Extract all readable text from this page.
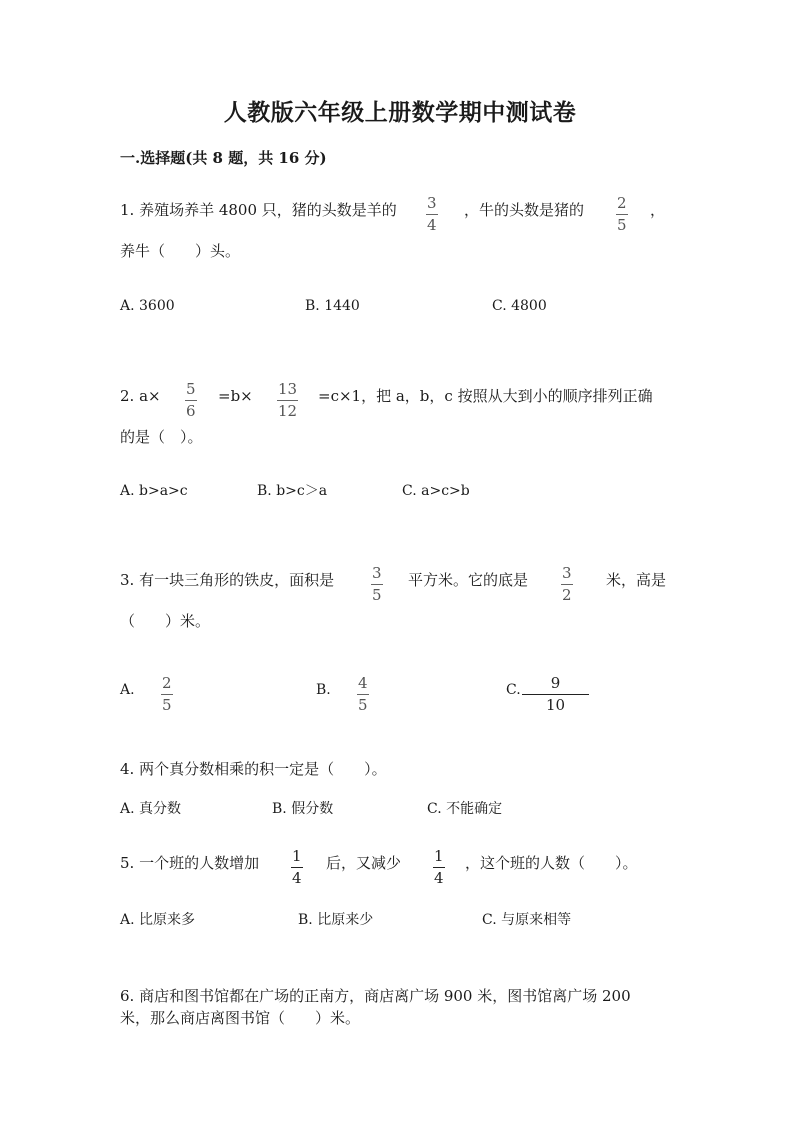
人教版六年级上册数学期中测试卷
一.选择题(共 8 题，共 16 分)
1. 养殖场养羊 4800 只，猪的头数是羊的 3
4
，牛的头数是猪的 2
5
，
养牛（　　）头。
A. 3600	B. 1440	C. 4800
2. a× 5
6
=b× 13
12
=c×1，把 a，b，c 按照从大到小的顺序排列正确
的是（　）。
A. b>a>c	B. b>c＞a	C. a>c>b
3. 有一块三角形的铁皮，面积是	3
5
平方米。它的底是 3
2
米，高是
（　　）米。
A. 2
5
B. 4
5
C. 9
10
4. 两个真分数相乘的积一定是（　　）。
A. 真分数	B. 假分数	C. 不能确定
5. 一个班的人数增加 1
4
后，又减少 1
4
，这个班的人数（　　）。
A. 比原来多	B. 比原来少	C. 与原来相等
6. 商店和图书馆都在广场的正南方，商店离广场 900 米，图书馆离广场 200
米，那么商店离图书馆（　　）米。
